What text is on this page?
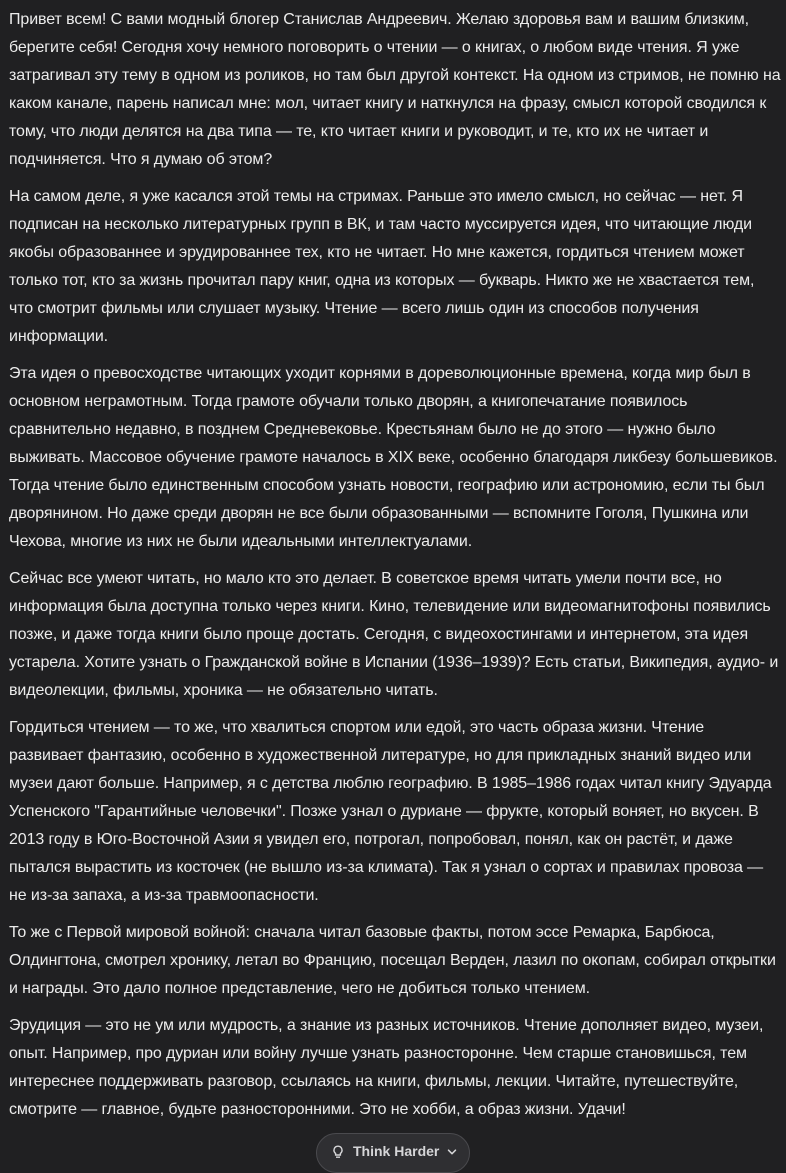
Привет всем! С вами модный блогер Станислав Андреевич. Желаю здоровья вам и вашим близким, берегите себя! Сегодня хочу немного поговорить о чтении — о книгах, о любом виде чтения. Я уже затрагивал эту тему в одном из роликов, но там был другой контекст. На одном из стримов, не помню на каком канале, парень написал мне: мол, читает книгу и наткнулся на фразу, смысл которой сводился к тому, что люди делятся на два типа — те, кто читает книги и руководит, и те, кто их не читает и подчиняется. Что я думаю об этом?

На самом деле, я уже касался этой темы на стримах. Раньше это имело смысл, но сейчас — нет. Я подписан на несколько литературных групп в ВК, и там часто муссируется идея, что читающие люди якобы образованнее и эрудированнее тех, кто не читает. Но мне кажется, гордиться чтением может только тот, кто за жизнь прочитал пару книг, одна из которых — букварь. Никто же не хвастается тем, что смотрит фильмы или слушает музыку. Чтение — всего лишь один из способов получения информации.

Эта идея о превосходстве читающих уходит корнями в дореволюционные времена, когда мир был в основном неграмотным. Тогда грамоте обучали только дворян, а книгопечатание появилось сравнительно недавно, в позднем Средневековье. Крестьянам было не до этого — нужно было выживать. Массовое обучение грамоте началось в XIX веке, особенно благодаря ликбезу большевиков. Тогда чтение было единственным способом узнать новости, географию или астрономию, если ты был дворянином. Но даже среди дворян не все были образованными — вспомните Гоголя, Пушкина или Чехова, многие из них не были идеальными интеллектуалами.

Сейчас все умеют читать, но мало кто это делает. В советское время читать умели почти все, но информация была доступна только через книги. Кино, телевидение или видеомагнитофоны появились позже, и даже тогда книги было проще достать. Сегодня, с видеохостингами и интернетом, эта идея устарела. Хотите узнать о Гражданской войне в Испании (1936–1939)? Есть статьи, Википедия, аудио- и видеолекции, фильмы, хроника — не обязательно читать.

Гордиться чтением — то же, что хвалиться спортом или едой, это часть образа жизни. Чтение развивает фантазию, особенно в художественной литературе, но для прикладных знаний видео или музеи дают больше. Например, я с детства люблю географию. В 1985–1986 годах читал книгу Эдуарда Успенского "Гарантийные человечки". Позже узнал о дуриане — фрукте, который воняет, но вкусен. В 2013 году в Юго-Восточной Азии я увидел его, потрогал, попробовал, понял, как он растёт, и даже пытался вырастить из косточек (не вышло из-за климата). Так я узнал о сортах и правилах провоза — не из-за запаха, а из-за травмоопасности.

То же с Первой мировой войной: сначала читал базовые факты, потом эссе Ремарка, Барбюса, Олдингтона, смотрел хронику, летал во Францию, посещал Верден, лазил по окопам, собирал открытки и награды. Это дало полное представление, чего не добиться только чтением.

Эрудиция — это не ум или мудрость, а знание из разных источников. Чтение дополняет видео, музеи, опыт. Например, про дуриан или войну лучше узнать разносторонне. Чем старше становишься, тем интереснее поддерживать разговор, ссылаясь на книги, фильмы, лекции. Читайте, путешествуйте, смотрите — главное, будьте разносторонними. Это не хобби, а образ жизни. Удачи!

Think Harder
